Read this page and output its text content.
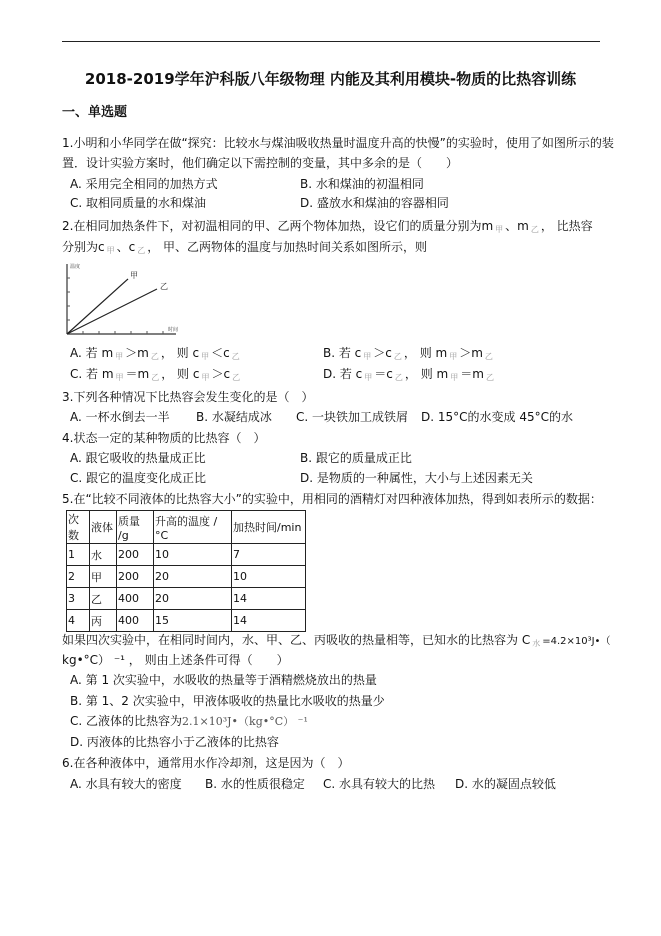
2018-2019学年沪科版八年级物理 内能及其利用模块-物质的比热容训练
一、单选题
1.小明和小华同学在做“探究：比较水与煤油吸收热量时温度升高的快慢”的实验时，使用了如图所示的装
置．设计实验方案时，他们确定以下需控制的变量，其中多余的是（　　）
A. 采用完全相同的加热方式	B. 水和煤油的初温相同
C. 取相同质量的水和煤油	D. 盛放水和煤油的容器相同
2.在相同加热条件下，对初温相同的甲、乙两个物体加热，设它们的质量分别为m $_甲$ 、m $_乙$ ， 比热容
分别为c $_甲$ 、c $_乙$ ， 甲、乙两物体的温度与加热时间关系如图所示，则
温度
时间
甲
乙
A. 若 m $_甲$ ＞m $_乙$ ， 则 c $_甲$ ＜c $_乙$	B. 若 c $_甲$ ＞c $_乙$ ， 则 m $_甲$ ＞m $_乙$
C. 若 m $_甲$ ＝m $_乙$ ， 则 c $_甲$ ＞c $_乙$	D. 若 c $_甲$ ＝c $_乙$ ， 则 m $_甲$ ＝m $_乙$
3.下列各种情况下比热容会发生变化的是（　）
A. 一杯水倒去一半 B. 水凝结成冰 C. 一块铁加工成铁屑 D. 15°C的水变成 45°C的水
4.状态一定的某种物质的比热容（　）
A. 跟它吸收的热量成正比	B. 跟它的质量成正比
C. 跟它的温度变化成正比	D. 是物质的一种属性，大小与上述因素无关
5.在“比较不同液体的比热容大小”的实验中，用相同的酒精灯对四种液体加热，得到如表所示的数据：
次数	液体	质量 /g	升高的温度 /°C	加热时间/min
1	水	200	10	7
2	甲	200	20	10
3	乙	400	20	14
4	丙	400	15	14
如果四次实验中，在相同时间内，水、甲、乙、丙吸收的热量相等，已知水的比热容为 C $_水$ =4.2×10³J•（
kg•°C） ⁻¹ ， 则由上述条件可得（　　）
A. 第 1 次实验中，水吸收的热量等于酒精燃烧放出的热量
B. 第 1、2 次实验中，甲液体吸收的热量比水吸收的热量少
C. 乙液体的比热容为2.1×10³J•（kg•°C） ⁻¹
D. 丙液体的比热容小于乙液体的比热容
6.在各种液体中，通常用水作冷却剂，这是因为（　）
A. 水具有较大的密度 B. 水的性质很稳定 C. 水具有较大的比热 D. 水的凝固点较低
